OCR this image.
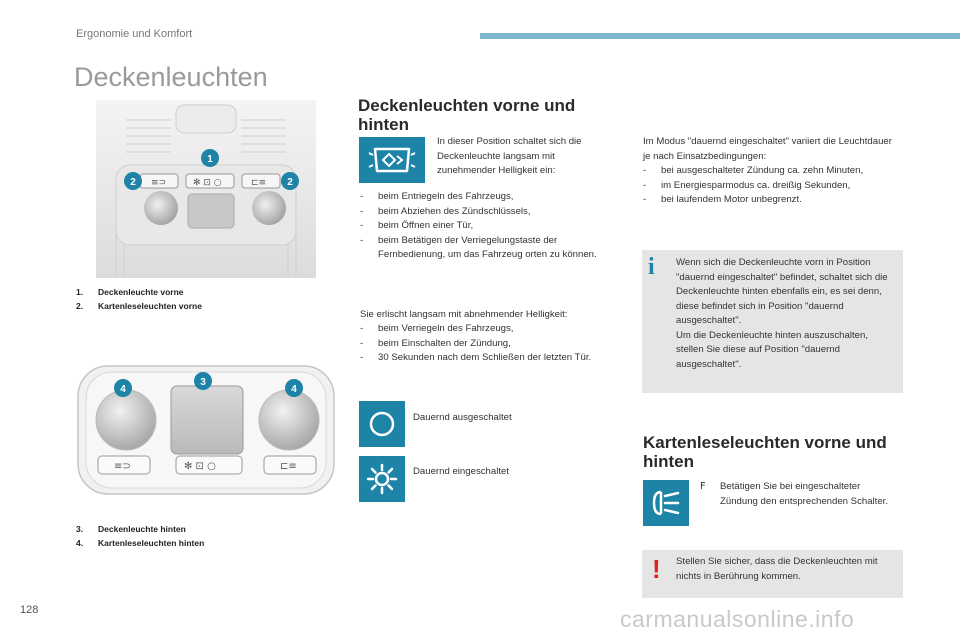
Ergonomie und Komfort
Deckenleuchten
≡⊃	✻ ⊡ ○	⊏≡
1
2	2
1. Deckenleuchte vorne
2. Kartenleseleuchten vorne
≡⊃	✻ ⊡ ○	⊏≡
4
3
4
3. Deckenleuchte hinten
4. Kartenleseleuchten hinten
Deckenleuchten vorne und hinten
In dieser Position schaltet sich die Deckenleuchte langsam mit zunehmender Helligkeit ein:
- beim Entriegeln des Fahrzeugs,
- beim Abziehen des Zündschlüssels,
- beim Öffnen einer Tür,
- beim Betätigen der Verriegelungstaste der Fernbedienung, um das Fahrzeug orten zu können.
Sie erlischt langsam mit abnehmender Helligkeit:
- beim Verriegeln des Fahrzeugs,
- beim Einschalten der Zündung,
- 30 Sekunden nach dem Schließen der letzten Tür.
Dauernd ausgeschaltet
Dauernd eingeschaltet
Im Modus "dauernd eingeschaltet" variiert die Leuchtdauer je nach Einsatzbedingungen:
- bei ausgeschalteter Zündung ca. zehn Minuten,
- im Energiesparmodus ca. dreißig Sekunden,
- bei laufendem Motor unbegrenzt.
i Wenn sich die Deckenleuchte vorn in Position "dauernd eingeschaltet" befindet, schaltet sich die Deckenleuchte hinten ebenfalls ein, es sei denn, diese befindet sich in Position "dauernd ausgeschaltet".
Um die Deckenleuchte hinten auszuschalten, stellen Sie diese auf Position "dauernd ausgeschaltet".
Kartenleseleuchten vorne und hinten
F Betätigen Sie bei eingeschalteter Zündung den entsprechenden Schalter.
! Stellen Sie sicher, dass die Deckenleuchten mit nichts in Berührung kommen.
128	carmanualsonline.info
